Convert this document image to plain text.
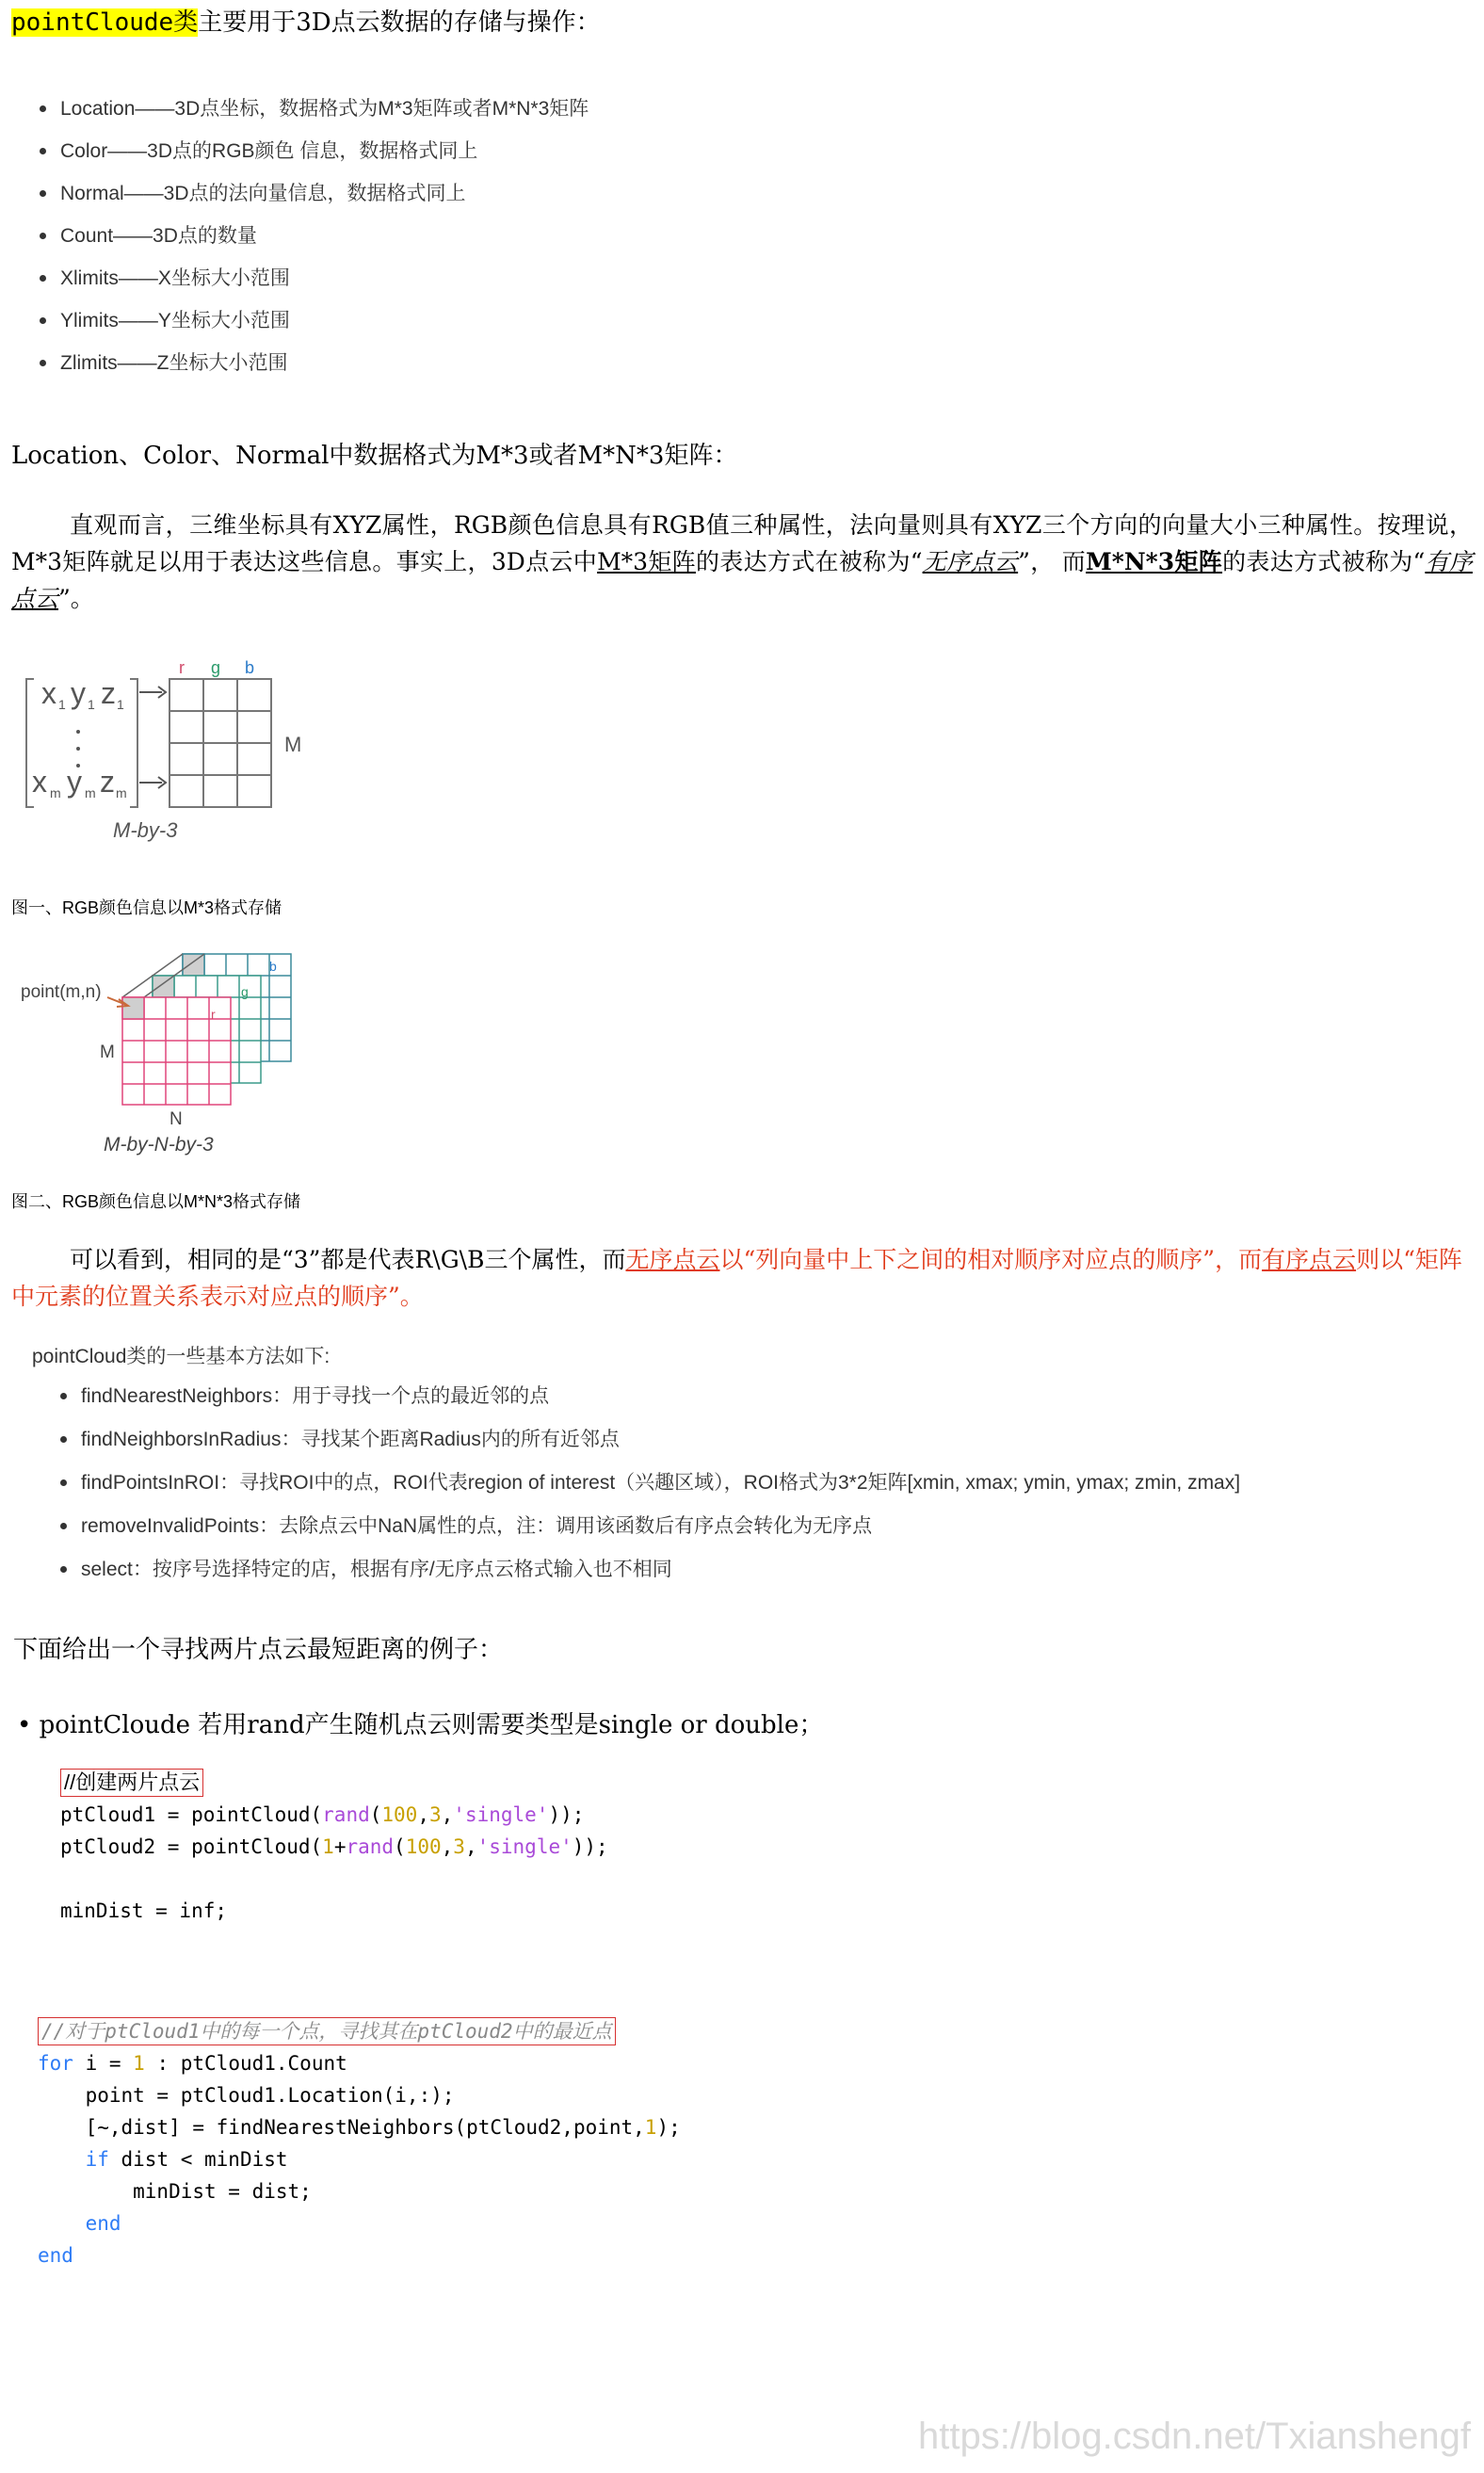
pointCloude类主要用于3D点云数据的存储与操作：
Location——3D点坐标，数据格式为M*3矩阵或者M*N*3矩阵
Color——3D点的RGB颜色 信息，数据格式同上
Normal——3D点的法向量信息，数据格式同上
Count——3D点的数量
Xlimits——X坐标大小范围
Ylimits——Y坐标大小范围
Zlimits——Z坐标大小范围
Location、Color、Normal中数据格式为M*3或者M*N*3矩阵：
直观而言，三维坐标具有XYZ属性，RGB颜色信息具有RGB值三种属性，法向量则具有XYZ三个方向的向量大小三种属性。按理说，M*3矩阵就足以用于表达这些信息。事实上，3D点云中M*3矩阵的表达方式在被称为“无序点云”， 而M*N*3矩阵的表达方式被称为“有序点云”。
x 1 y 1 z 1
x m y m z m
r g b
M
M-by-3
图一、RGB颜色信息以M*3格式存储
b
g
r
point(m,n)
M
N
M-by-N-by-3
图二、RGB颜色信息以M*N*3格式存储
可以看到，相同的是“3”都是代表R\G\B三个属性，而无序点云以“列向量中上下之间的相对顺序对应点的顺序”，而有序点云则以“矩阵中元素的位置关系表示对应点的顺序”。
pointCloud类的一些基本方法如下:
findNearestNeighbors：用于寻找一个点的最近邻的点
findNeighborsInRadius：寻找某个距离Radius内的所有近邻点
findPointsInROI：寻找ROI中的点，ROI代表region of interest（兴趣区域），ROI格式为3*2矩阵[xmin, xmax; ymin, ymax; zmin, zmax]
removeInvalidPoints：去除点云中NaN属性的点，注：调用该函数后有序点会转化为无序点
select：按序号选择特定的店，根据有序/无序点云格式输入也不相同
下面给出一个寻找两片点云最短距离的例子：
• pointCloude 若用rand产生随机点云则需要类型是single or double；
//创建两片点云
ptCloud1 = pointCloud(rand(100,3,'single'));
ptCloud2 = pointCloud(1+rand(100,3,'single'));
minDist = inf;
//对于ptCloud1中的每一个点，寻找其在ptCloud2中的最近点
for i = 1 : ptCloud1.Count
point = ptCloud1.Location(i,:);
[~,dist] = findNearestNeighbors(ptCloud2,point,1);
if dist < minDist
minDist = dist;
end
end
https://blog.csdn.net/Txianshengf
